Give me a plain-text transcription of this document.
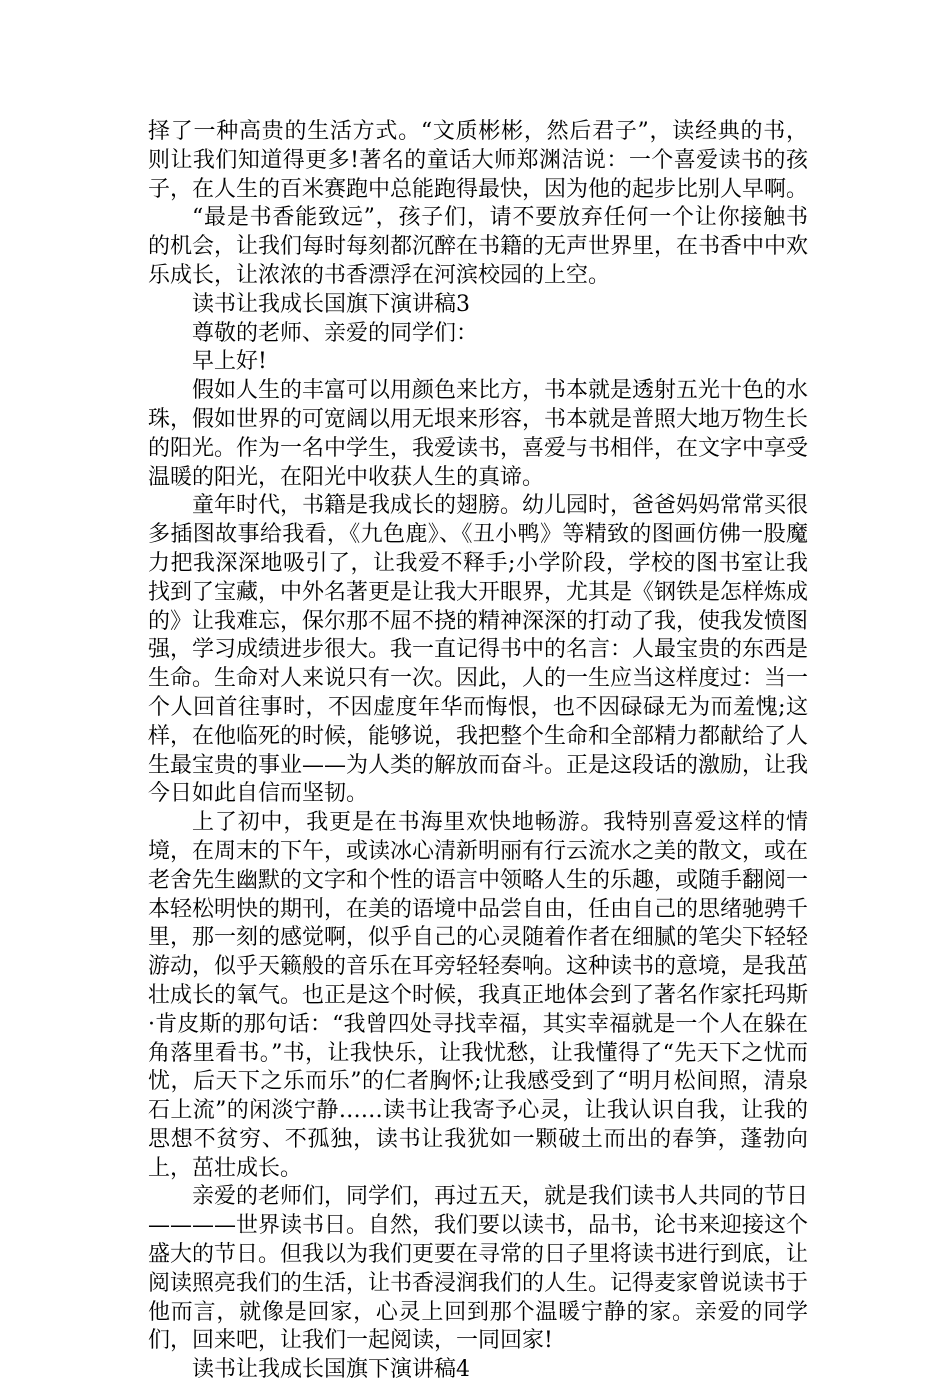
择了一种高贵的生活方式。“文质彬彬，然后君子”，读经典的书，则让我们知道得更多!著名的童话大师郑渊洁说：一个喜爱读书的孩子，在人生的百米赛跑中总能跑得最快，因为他的起步比别人早啊。

“最是书香能致远”，孩子们，请不要放弃任何一个让你接触书的机会，让我们每时每刻都沉醉在书籍的无声世界里，在书香中中欢乐成长，让浓浓的书香漂浮在河滨校园的上空。

读书让我成长国旗下演讲稿3

尊敬的老师、亲爱的同学们：

早上好!

假如人生的丰富可以用颜色来比方，书本就是透射五光十色的水珠，假如世界的可宽阔以用无垠来形容，书本就是普照大地万物生长的阳光。作为一名中学生，我爱读书，喜爱与书相伴，在文字中享受温暖的阳光，在阳光中收获人生的真谛。

童年时代，书籍是我成长的翅膀。幼儿园时，爸爸妈妈常常买很多插图故事给我看，《九色鹿》、《丑小鸭》等精致的图画仿佛一股魔力把我深深地吸引了，让我爱不释手;小学阶段，学校的图书室让我找到了宝藏，中外名著更是让我大开眼界，尤其是《钢铁是怎样炼成的》让我难忘，保尔那不屈不挠的精神深深的打动了我，使我发愤图强，学习成绩进步很大。我一直记得书中的名言：人最宝贵的东西是生命。生命对人来说只有一次。因此，人的一生应当这样度过：当一个人回首往事时，不因虚度年华而悔恨，也不因碌碌无为而羞愧;这样，在他临死的时候，能够说，我把整个生命和全部精力都献给了人生最宝贵的事业——为人类的解放而奋斗。正是这段话的激励，让我今日如此自信而坚韧。

上了初中，我更是在书海里欢快地畅游。我特别喜爱这样的情境，在周末的下午，或读冰心清新明丽有行云流水之美的散文，或在老舍先生幽默的文字和个性的语言中领略人生的乐趣，或随手翻阅一本轻松明快的期刊，在美的语境中品尝自由，任由自己的思绪驰骋千里，那一刻的感觉啊，似乎自己的心灵随着作者在细腻的笔尖下轻轻游动，似乎天籁般的音乐在耳旁轻轻奏响。这种读书的意境，是我茁壮成长的氧气。也正是这个时候，我真正地体会到了著名作家托玛斯·肯皮斯的那句话：“我曾四处寻找幸福，其实幸福就是一个人在躲在角落里看书。”书，让我快乐，让我忧愁，让我懂得了“先天下之忧而忧，后天下之乐而乐”的仁者胸怀;让我感受到了“明月松间照，清泉石上流”的闲淡宁静……读书让我寄予心灵，让我认识自我，让我的思想不贫穷、不孤独，读书让我犹如一颗破土而出的春笋，蓬勃向上，茁壮成长。

亲爱的老师们，同学们，再过五天，就是我们读书人共同的节日————世界读书日。自然，我们要以读书，品书，论书来迎接这个盛大的节日。但我以为我们更要在寻常的日子里将读书进行到底，让阅读照亮我们的生活，让书香浸润我们的人生。记得麦家曾说读书于他而言，就像是回家，心灵上回到那个温暖宁静的家。亲爱的同学们，回来吧，让我们一起阅读，一同回家!

读书让我成长国旗下演讲稿4
